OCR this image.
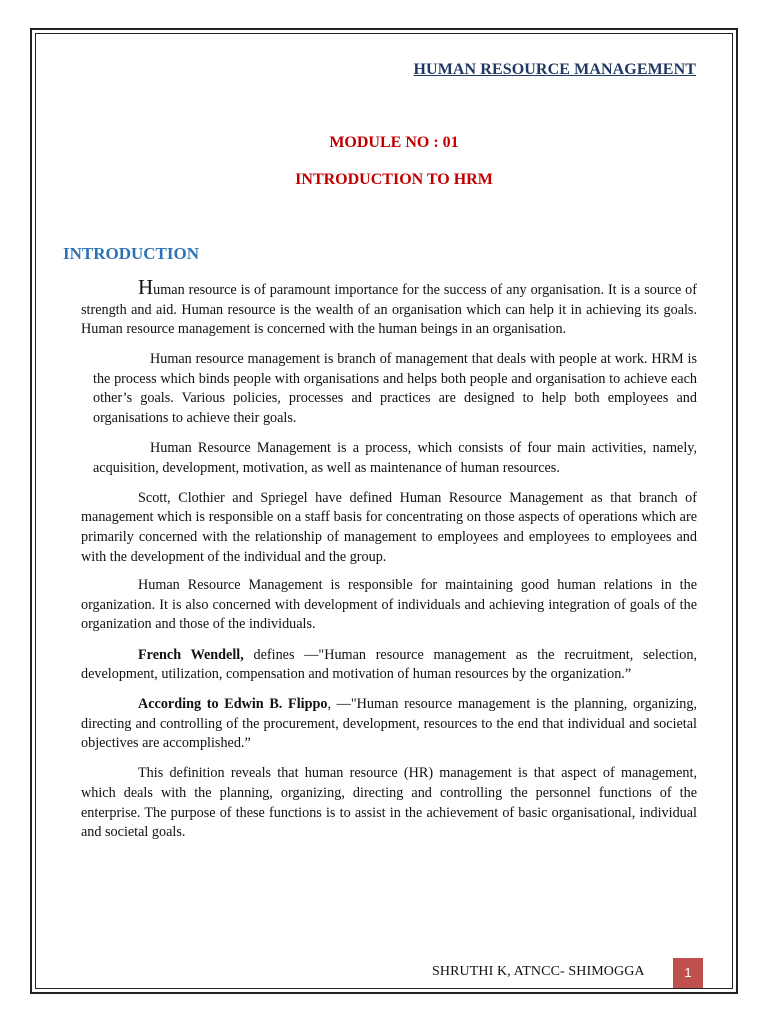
HUMAN RESOURCE MANAGEMENT
MODULE NO : 01
INTRODUCTION TO HRM
INTRODUCTION

Human resource is of paramount importance for the success of any organisation. It is a source of strength and aid. Human resource is the wealth of an organisation which can help it in achieving its goals. Human resource management is concerned with the human beings in an organisation.

Human resource management is branch of management that deals with people at work. HRM is the process which binds people with organisations and helps both people and organisation to achieve each other’s goals. Various policies, processes and practices are designed to help both employees and organisations to achieve their goals.

Human Resource Management is a process, which consists of four main activities, namely, acquisition, development, motivation, as well as maintenance of human resources.

Scott, Clothier and Spriegel have defined Human Resource Management as that branch of management which is responsible on a staff basis for concentrating on those aspects of operations which are primarily concerned with the relationship of management to employees and employees to employees and with the development of the individual and the group.

Human Resource Management is responsible for maintaining good human relations in the organization. It is also concerned with development of individuals and achieving integration of goals of the organization and those of the individuals.

French Wendell, defines —"Human resource management as the recruitment, selection, development, utilization, compensation and motivation of human resources by the organization.”

According to Edwin B. Flippo, —"Human resource management is the planning, organizing, directing and controlling of the procurement, development, resources to the end that individual and societal objectives are accomplished.”

This definition reveals that human resource (HR) management is that aspect of management, which deals with the planning, organizing, directing and controlling the personnel functions of the enterprise. The purpose of these functions is to assist in the achievement of basic organisational, individual and societal goals.

SHRUTHI K, ATNCC- SHIMOGGA	1
